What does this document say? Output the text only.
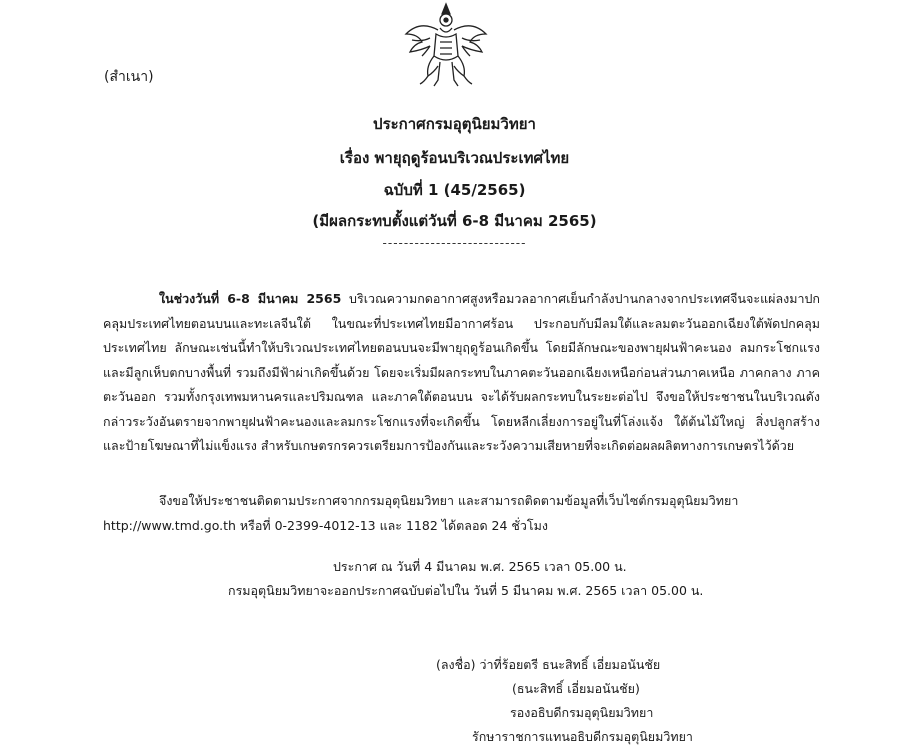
(สำเนา)
ประกาศกรมอุตุนิยมวิทยา
เรื่อง พายุฤดูร้อนบริเวณประเทศไทย
ฉบับที่ 1 (45/2565)
(มีผลกระทบตั้งแต่วันที่ 6-8 มีนาคม 2565)
---------------------------

ในช่วงวันที่ 6-8 มีนาคม 2565 บริเวณความกดอากาศสูงหรือมวลอากาศเย็นกำลังปานกลางจากประเทศจีนจะแผ่ลงมาปกคลุมประเทศไทยตอนบนและทะเลจีนใต้ ในขณะที่ประเทศไทยมีอากาศร้อน ประกอบกับมีลมใต้และลมตะวันออกเฉียงใต้พัดปกคลุมประเทศไทย ลักษณะเช่นนี้ทำให้บริเวณประเทศไทยตอนบนจะมีพายุฤดูร้อนเกิดขึ้น โดยมีลักษณะของพายุฝนฟ้าคะนอง ลมกระโชกแรง และมีลูกเห็บตกบางพื้นที่ รวมถึงมีฟ้าผ่าเกิดขึ้นด้วย โดยจะเริ่มมีผลกระทบในภาคตะวันออกเฉียงเหนือก่อนส่วนภาคเหนือ ภาคกลาง ภาคตะวันออก รวมทั้งกรุงเทพมหานครและปริมณฑล และภาคใต้ตอนบน จะได้รับผลกระทบในระยะต่อไป จึงขอให้ประชาชนในบริเวณดังกล่าวระวังอันตรายจากพายุฝนฟ้าคะนองและลมกระโชกแรงที่จะเกิดขึ้น โดยหลีกเลี่ยงการอยู่ในที่โล่งแจ้ง ใต้ต้นไม้ใหญ่ สิ่งปลูกสร้างและป้ายโฆษณาที่ไม่แข็งแรง สำหรับเกษตรกรควรเตรียมการป้องกันและระวังความเสียหายที่จะเกิดต่อผลผลิตทางการเกษตรไว้ด้วย

จึงขอให้ประชาชนติดตามประกาศจากกรมอุตุนิยมวิทยา และสามารถติดตามข้อมูลที่เว็บไซต์กรมอุตุนิยมวิทยา
http://www.tmd.go.th หรือที่ 0-2399-4012-13 และ 1182 ได้ตลอด 24 ชั่วโมง

ประกาศ ณ วันที่ 4 มีนาคม พ.ศ. 2565 เวลา 05.00 น.
กรมอุตุนิยมวิทยาจะออกประกาศฉบับต่อไปใน วันที่ 5 มีนาคม พ.ศ. 2565 เวลา 05.00 น.
(ลงชื่อ) ว่าที่ร้อยตรี ธนะสิทธิ์ เอี่ยมอนันชัย
(ธนะสิทธิ์ เอี่ยมอนันชัย)
รองอธิบดีกรมอุตุนิยมวิทยา
รักษาราชการแทนอธิบดีกรมอุตุนิยมวิทยา
